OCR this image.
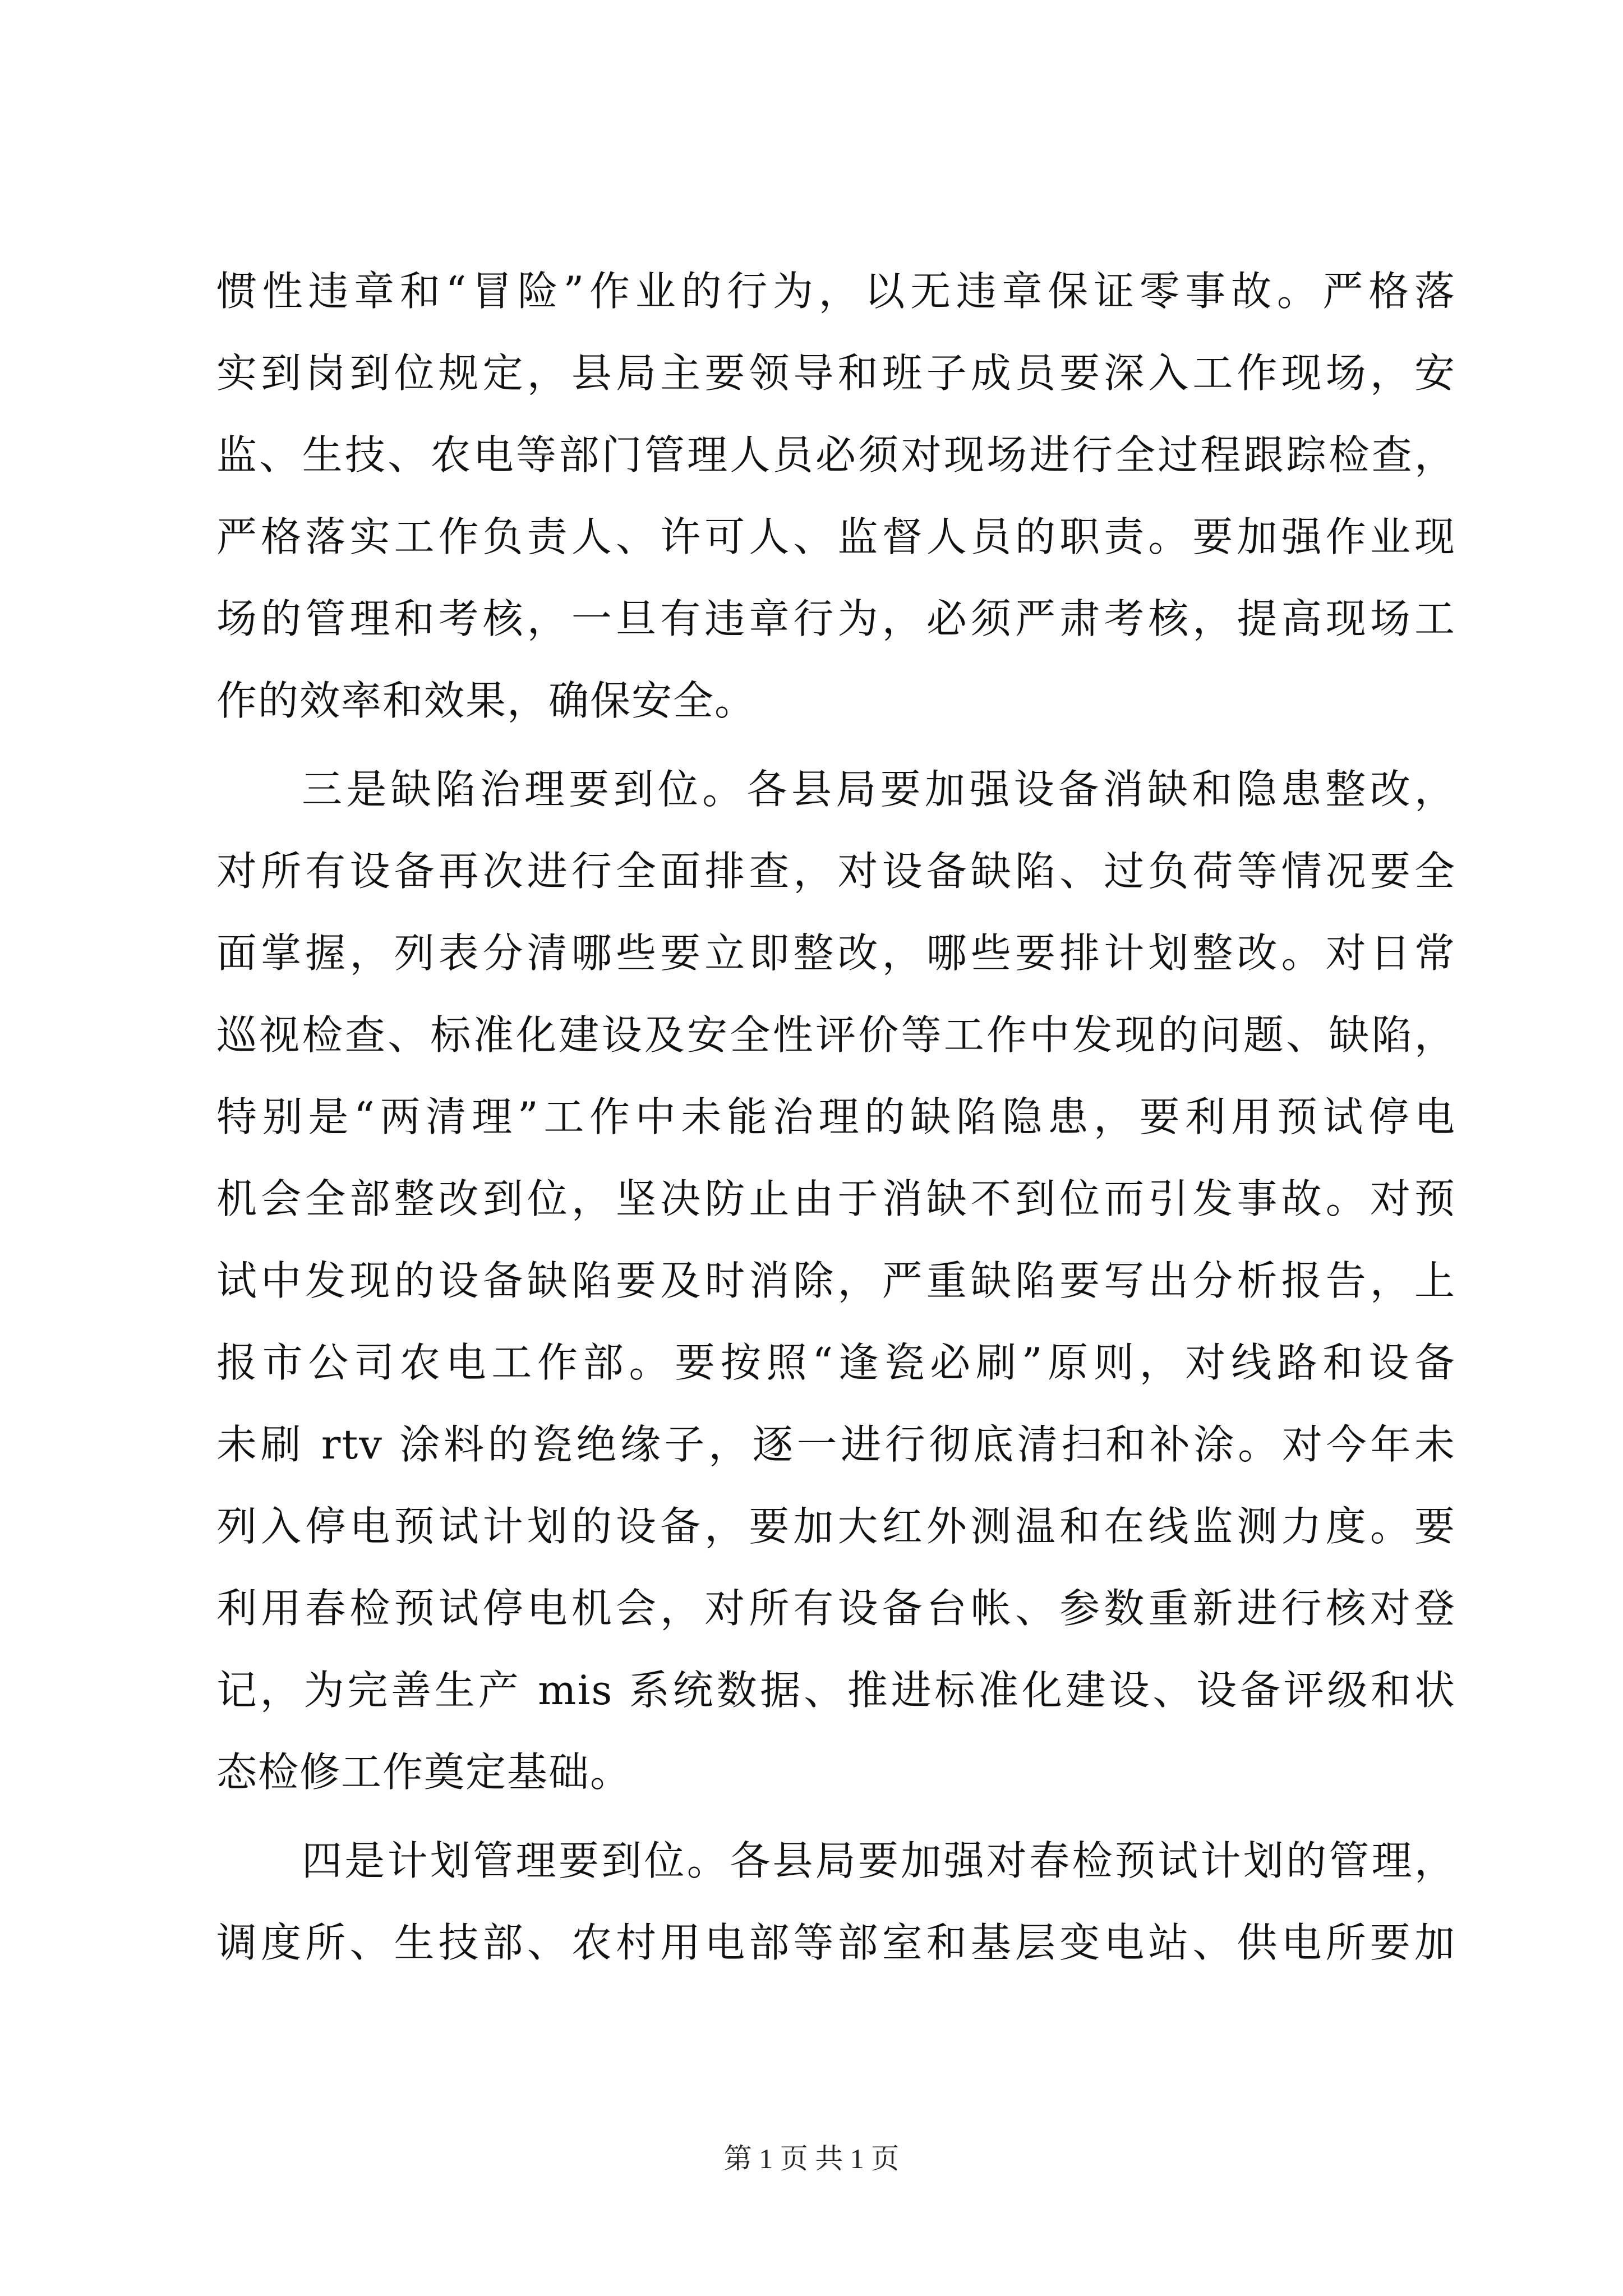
惯性违章和“冒险”作业的行为，以无违章保证零事故。严格落
实到岗到位规定，县局主要领导和班子成员要深入工作现场，安
监、生技、农电等部门管理人员必须对现场进行全过程跟踪检查，
严格落实工作负责人、许可人、监督人员的职责。要加强作业现
场的管理和考核，一旦有违章行为，必须严肃考核，提高现场工
作的效率和效果，确保安全。
三是缺陷治理要到位。各县局要加强设备消缺和隐患整改，
对所有设备再次进行全面排查，对设备缺陷、过负荷等情况要全
面掌握，列表分清哪些要立即整改，哪些要排计划整改。对日常
巡视检查、标准化建设及安全性评价等工作中发现的问题、缺陷，
特别是“两清理”工作中未能治理的缺陷隐患，要利用预试停电
机会全部整改到位，坚决防止由于消缺不到位而引发事故。对预
试中发现的设备缺陷要及时消除，严重缺陷要写出分析报告，上
报市公司农电工作部。要按照“逢瓷必刷”原则，对线路和设备
未刷 rtv 涂料的瓷绝缘子，逐一进行彻底清扫和补涂。对今年未
列入停电预试计划的设备，要加大红外测温和在线监测力度。要
利用春检预试停电机会，对所有设备台帐、参数重新进行核对登
记，为完善生产 mis 系统数据、推进标准化建设、设备评级和状
态检修工作奠定基础。
四是计划管理要到位。各县局要加强对春检预试计划的管理，
调度所、生技部、农村用电部等部室和基层变电站、供电所要加
第 1 页 共 1 页
